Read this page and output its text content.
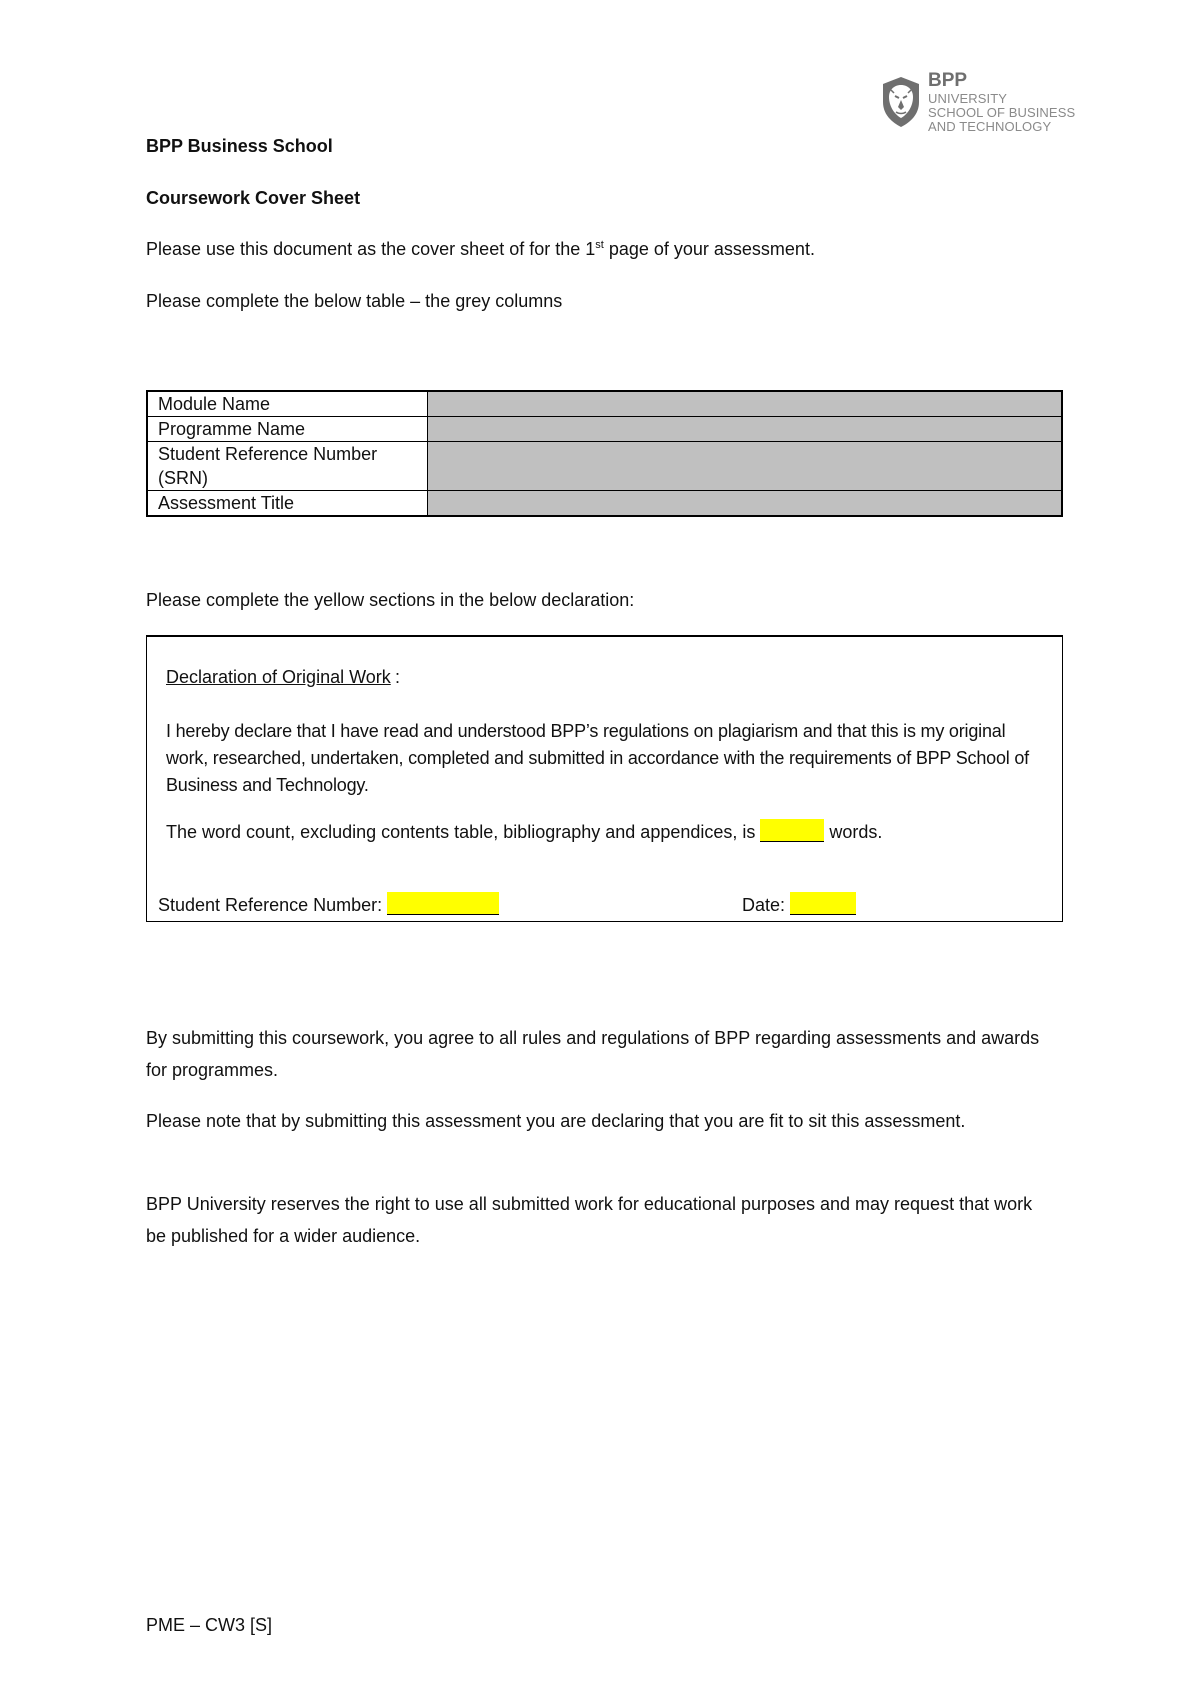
BPP
UNIVERSITY
SCHOOL OF BUSINESS
AND TECHNOLOGY
BPP Business School
Coursework Cover Sheet
Please use this document as the cover sheet of for the 1st page of your assessment.
Please complete the below table – the grey columns
Module Name	
Programme Name	
Student Reference Number (SRN)	
Assessment Title	
Please complete the yellow sections in the below declaration:
Declaration of Original Work :
I hereby declare that I have read and understood BPP’s regulations on plagiarism and that this is my original work, researched, undertaken, completed and submitted in accordance with the requirements of BPP School of Business and Technology.
The word count, excluding contents table, bibliography and appendices, is	words.
Student Reference Number:	Date:
By submitting this coursework, you agree to all rules and regulations of BPP regarding assessments and awards for programmes.
Please note that by submitting this assessment you are declaring that you are fit to sit this assessment.
BPP University reserves the right to use all submitted work for educational purposes and may request that work be published for a wider audience.
PME – CW3 [S]
